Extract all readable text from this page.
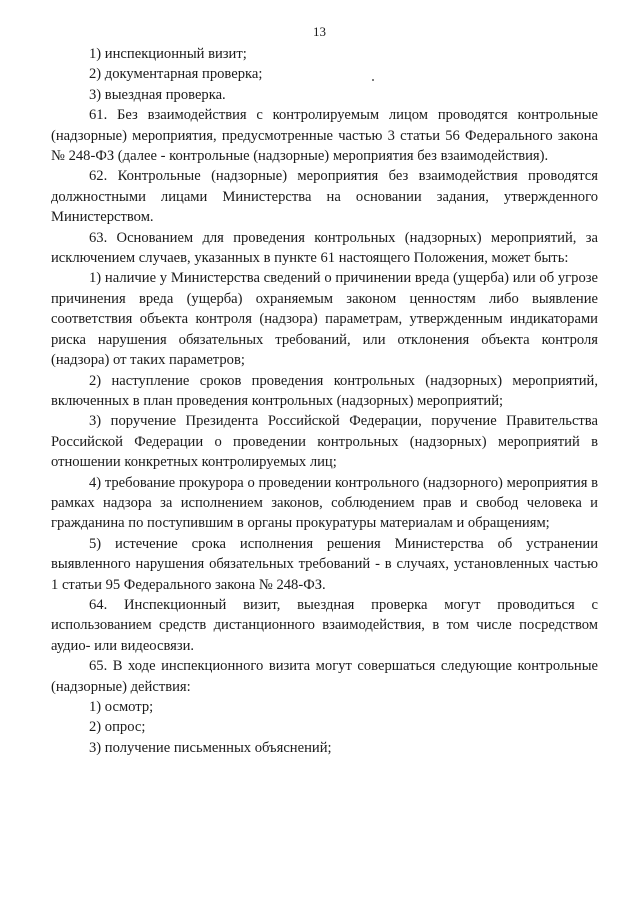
13

1) инспекционный визит;

2) документарная проверка;

3) выездная проверка.

61. Без взаимодействия с контролируемым лицом проводятся контрольные (надзорные) мероприятия, предусмотренные частью 3 статьи 56 Федерального закона № 248-ФЗ (далее - контрольные (надзорные) мероприятия без взаимодействия).

62. Контрольные (надзорные) мероприятия без взаимодействия проводятся должностными лицами Министерства на основании задания, утвержденного Министерством.

63. Основанием для проведения контрольных (надзорных) мероприятий, за исключением случаев, указанных в пункте 61 настоящего Положения, может быть:

1) наличие у Министерства сведений о причинении вреда (ущерба) или об угрозе причинения вреда (ущерба) охраняемым законом ценностям либо выявление соответствия объекта контроля (надзора) параметрам, утвержденным индикаторами риска нарушения обязательных требований, или отклонения объекта контроля (надзора) от таких параметров;

2) наступление сроков проведения контрольных (надзорных) мероприятий, включенных в план проведения контрольных (надзорных) мероприятий;

3) поручение Президента Российской Федерации, поручение Правительства Российской Федерации о проведении контрольных (надзорных) мероприятий в отношении конкретных контролируемых лиц;

4) требование прокурора о проведении контрольного (надзорного) мероприятия в рамках надзора за исполнением законов, соблюдением прав и свобод человека и гражданина по поступившим в органы прокуратуры материалам и обращениям;

5) истечение срока исполнения решения Министерства об устранении выявленного нарушения обязательных требований - в случаях, установленных частью 1 статьи 95 Федерального закона № 248-ФЗ.

64. Инспекционный визит, выездная проверка могут проводиться с использованием средств дистанционного взаимодействия, в том числе посредством аудио- или видеосвязи.

65. В ходе инспекционного визита могут совершаться следующие контрольные (надзорные) действия:

1) осмотр;

2) опрос;

3) получение письменных объяснений;
